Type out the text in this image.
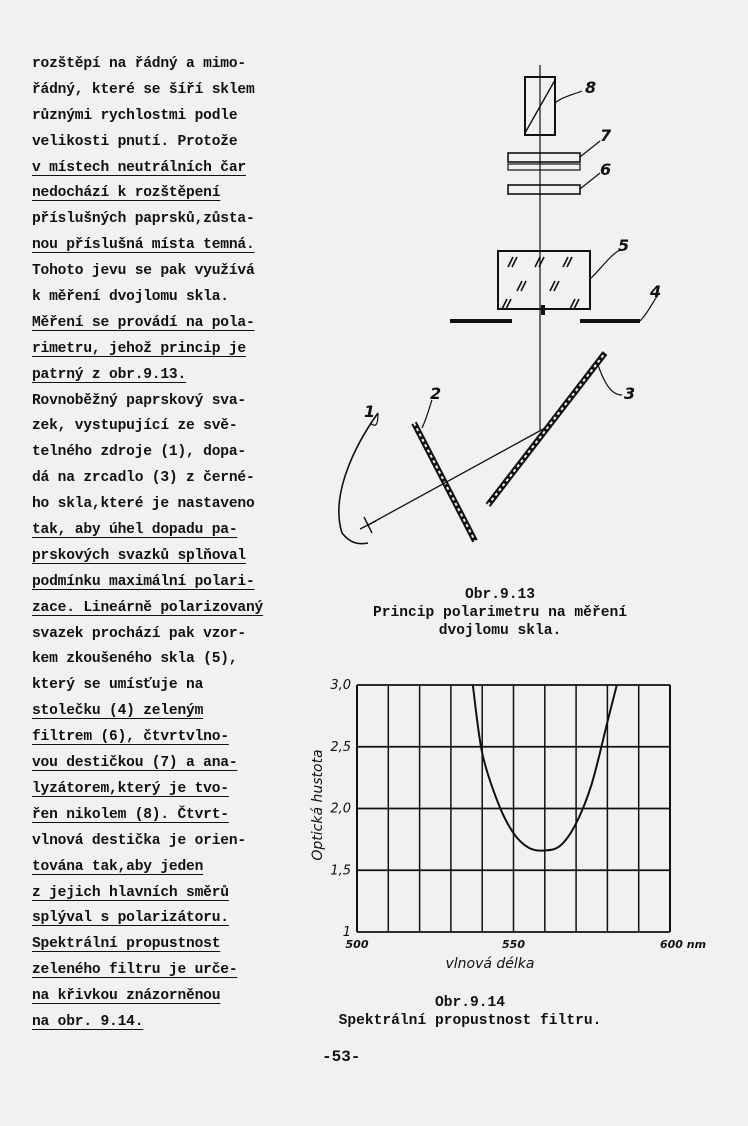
rozštěpí na řádný a mimo-
řádný, které se šíří sklem
různými rychlostmi podle
velikosti pnutí. Protože
v místech neutrálních čar
nedochází k rozštěpení
příslušných paprsků,zůsta-
nou příslušná místa temná.
Tohoto jevu se pak využívá
k měření dvojlomu skla.
Měření se provádí na pola-
rimetru, jehož princip je
patrný z obr.9.13.
Rovnoběžný paprskový sva-
zek, vystupující ze svě-
telného zdroje (1), dopa-
dá na zrcadlo (3) z černé-
ho skla,které je nastaveno
tak, aby úhel dopadu pa-
prskových svazků splňoval
podmínku maximální polari-
zace. Lineárně polarizovaný
svazek prochází pak vzor-
kem zkoušeného skla (5),
který se umísťuje na
stolečku (4) zeleným
filtrem (6), čtvrtvlno-
vou destičkou (7) a ana-
lyzátorem,který je tvo-
řen nikolem (8). Čtvrt-
vlnová destička je orien-
tována tak,aby jeden
z jejich hlavních směrů
splýval s polarizátoru.
Spektrální propustnost
zeleného filtru je urče-
na křivkou znázorněnou
na obr. 9.14.
8
7
6
5
4
3
2
1
Obr.9.13
Princip polarimetru na měření
dvojlomu skla.
1
1,5
2,0
2,5
3,0
500	550	600 nm
Optická hustota
vlnová délka
Obr.9.14
Spektrální propustnost filtru.
-53-
